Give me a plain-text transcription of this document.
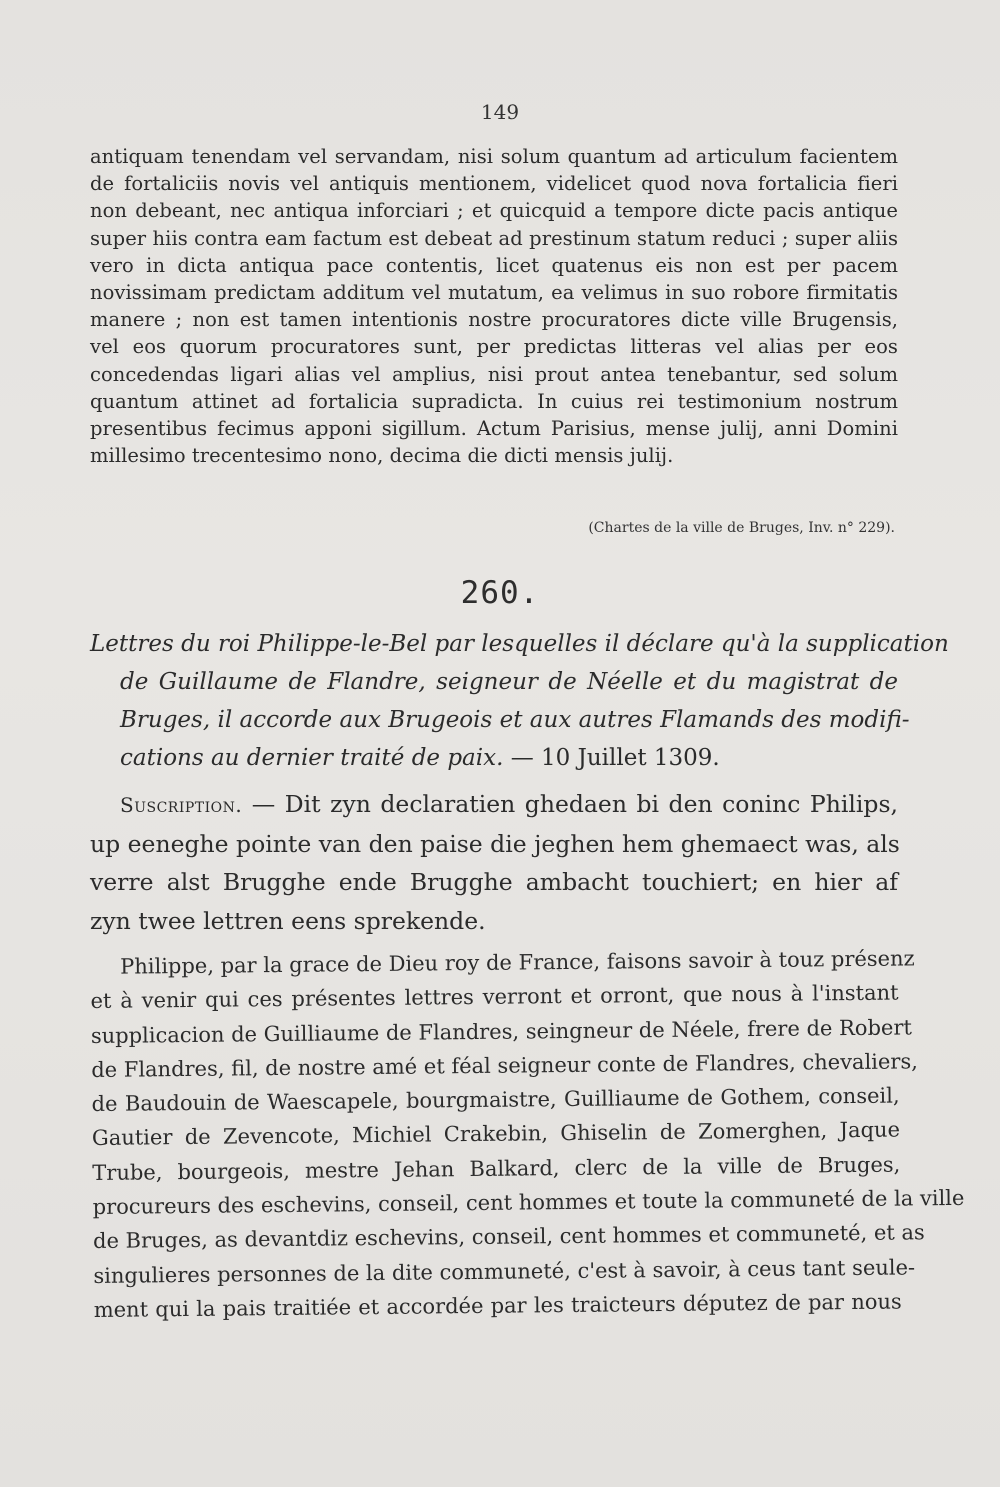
149
antiquam tenendam vel servandam, nisi solum quantum ad articulum facientem
de fortaliciis novis vel antiquis mentionem, videlicet quod nova fortalicia fieri
non debeant, nec antiqua inforciari ; et quicquid a tempore dicte pacis antique
super hiis contra eam factum est debeat ad prestinum statum reduci ; super aliis
vero in dicta antiqua pace contentis, licet quatenus eis non est per pacem
novissimam predictam additum vel mutatum, ea velimus in suo robore firmitatis
manere ; non est tamen intentionis nostre procuratores dicte ville Brugensis,
vel eos quorum procuratores sunt, per predictas litteras vel alias per eos
concedendas ligari alias vel amplius, nisi prout antea tenebantur, sed solum
quantum attinet ad fortalicia supradicta. In cuius rei testimonium nostrum
presentibus fecimus apponi sigillum. Actum Parisius, mense julij, anni Domini
millesimo trecentesimo nono, decima die dicti mensis julij.
(Chartes de la ville de Bruges, Inv. n° 229).
260.
Lettres du roi Philippe-le-Bel par lesquelles il déclare qu'à la supplication
de Guillaume de Flandre, seigneur de Néelle et du magistrat de
Bruges, il accorde aux Brugeois et aux autres Flamands des modifi-
cations au dernier traité de paix. — 10 Juillet 1309.
Suscription. — Dit zyn declaratien ghedaen bi den coninc Philips,
up eeneghe pointe van den paise die jeghen hem ghemaect was, als
verre alst Brugghe ende Brugghe ambacht touchiert; en hier af
zyn twee lettren eens sprekende.
Philippe, par la grace de Dieu roy de France, faisons savoir à touz présenz
et à venir qui ces présentes lettres verront et orront, que nous à l'instant
supplicacion de Guilliaume de Flandres, seingneur de Néele, frere de Robert
de Flandres, fil, de nostre amé et féal seigneur conte de Flandres, chevaliers,
de Baudouin de Waescapele, bourgmaistre, Guilliaume de Gothem, conseil,
Gautier de Zevencote, Michiel Crakebin, Ghiselin de Zomerghen, Jaque
Trube, bourgeois, mestre Jehan Balkard, clerc de la ville de Bruges,
procureurs des eschevins, conseil, cent hommes et toute la communeté de la ville
de Bruges, as devantdiz eschevins, conseil, cent hommes et communeté, et as
singulieres personnes de la dite communeté, c'est à savoir, à ceus tant seule-
ment qui la pais traitiée et accordée par les traicteurs députez de par nous
